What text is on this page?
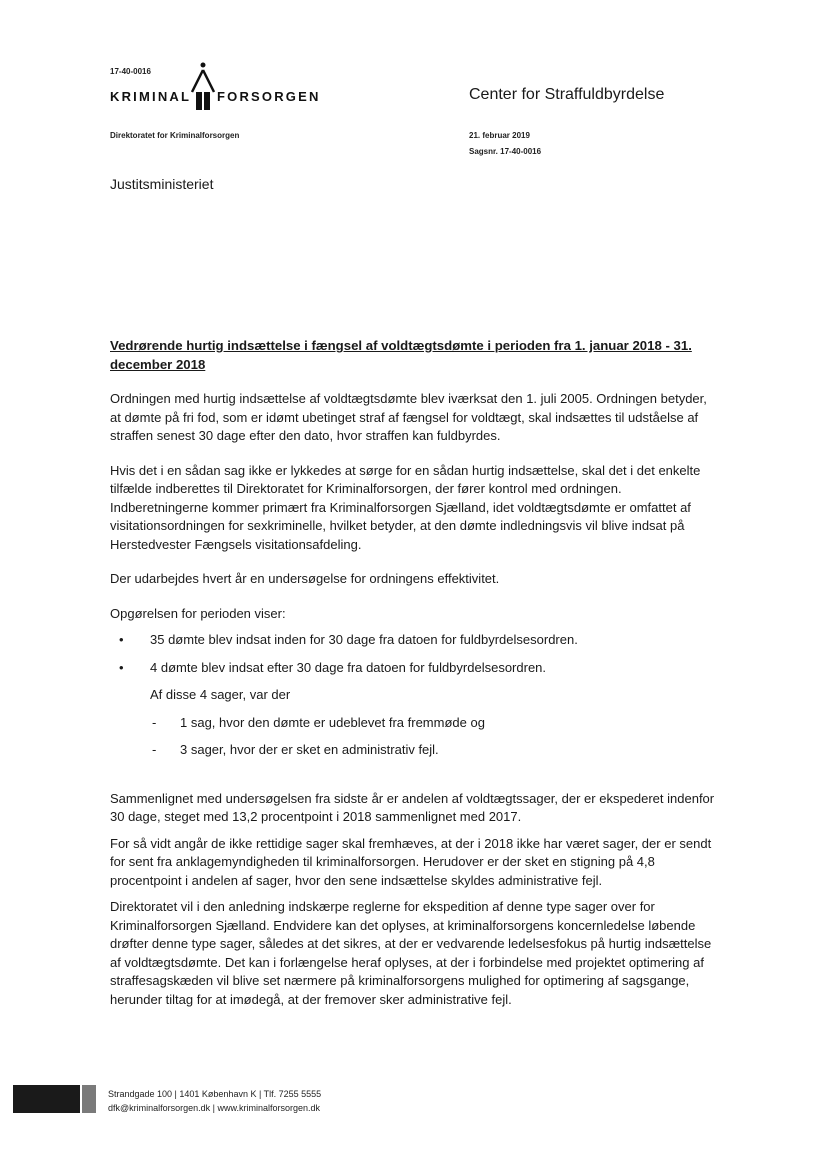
17-40-0016
KRIMINAL FORSORGEN
Direktoratet for Kriminalforsorgen
Center for Straffuldbyrdelse
21. februar 2019
Sagsnr. 17-40-0016
Justitsministeriet
Vedrørende hurtig indsættelse i fængsel af voldtægtsdømte i perioden fra 1. januar 2018 - 31. december 2018

Ordningen med hurtig indsættelse af voldtægtsdømte blev iværksat den 1. juli 2005. Ordningen betyder, at dømte på fri fod, som er idømt ubetinget straf af fængsel for voldtægt, skal indsættes til udståelse af straffen senest 30 dage efter den dato, hvor straffen kan fuldbyrdes.

Hvis det i en sådan sag ikke er lykkedes at sørge for en sådan hurtig indsættelse, skal det i det enkelte tilfælde indberettes til Direktoratet for Kriminalforsorgen, der fører kontrol med ordningen. Indberetningerne kommer primært fra Kriminalforsorgen Sjælland, idet voldtægtsdømte er omfattet af visitationsordningen for sexkriminelle, hvilket betyder, at den dømte indledningsvis vil blive indsat på Herstedvester Fængsels visitationsafdeling.

Der udarbejdes hvert år en undersøgelse for ordningens effektivitet.

Opgørelsen for perioden viser:

• 35 dømte blev indsat inden for 30 dage fra datoen for fuldbyrdelsesordren.
• 4 dømte blev indsat efter 30 dage fra datoen for fuldbyrdelsesordren.
Af disse 4 sager, var der
- 1 sag, hvor den dømte er udeblevet fra fremmøde og
- 3 sager, hvor der er sket en administrativ fejl.

Sammenlignet med undersøgelsen fra sidste år er andelen af voldtægtssager, der er ekspederet indenfor 30 dage, steget med 13,2 procentpoint i 2018 sammenlignet med 2017.

For så vidt angår de ikke rettidige sager skal fremhæves, at der i 2018 ikke har været sager, der er sendt for sent fra anklagemyndigheden til kriminalforsorgen. Herudover er der sket en stigning på 4,8 procentpoint i andelen af sager, hvor den sene indsættelse skyldes administrative fejl.

Direktoratet vil i den anledning indskærpe reglerne for ekspedition af denne type sager over for Kriminalforsorgen Sjælland. Endvidere kan det oplyses, at kriminalforsorgens koncernledelse løbende drøfter denne type sager, således at det sikres, at der er vedvarende ledelsesfokus på hurtig indsættelse af voldtægtsdømte. Det kan i forlængelse heraf oplyses, at der i forbindelse med projektet optimering af straffesagskæden vil blive set nærmere på kriminalforsorgens mulighed for optimering af sagsgange, herunder tiltag for at imødegå, at der fremover sker administrative fejl.

Strandgade 100 | 1401 København K | Tlf. 7255 5555
dfk@kriminalforsorgen.dk | www.kriminalforsorgen.dk
